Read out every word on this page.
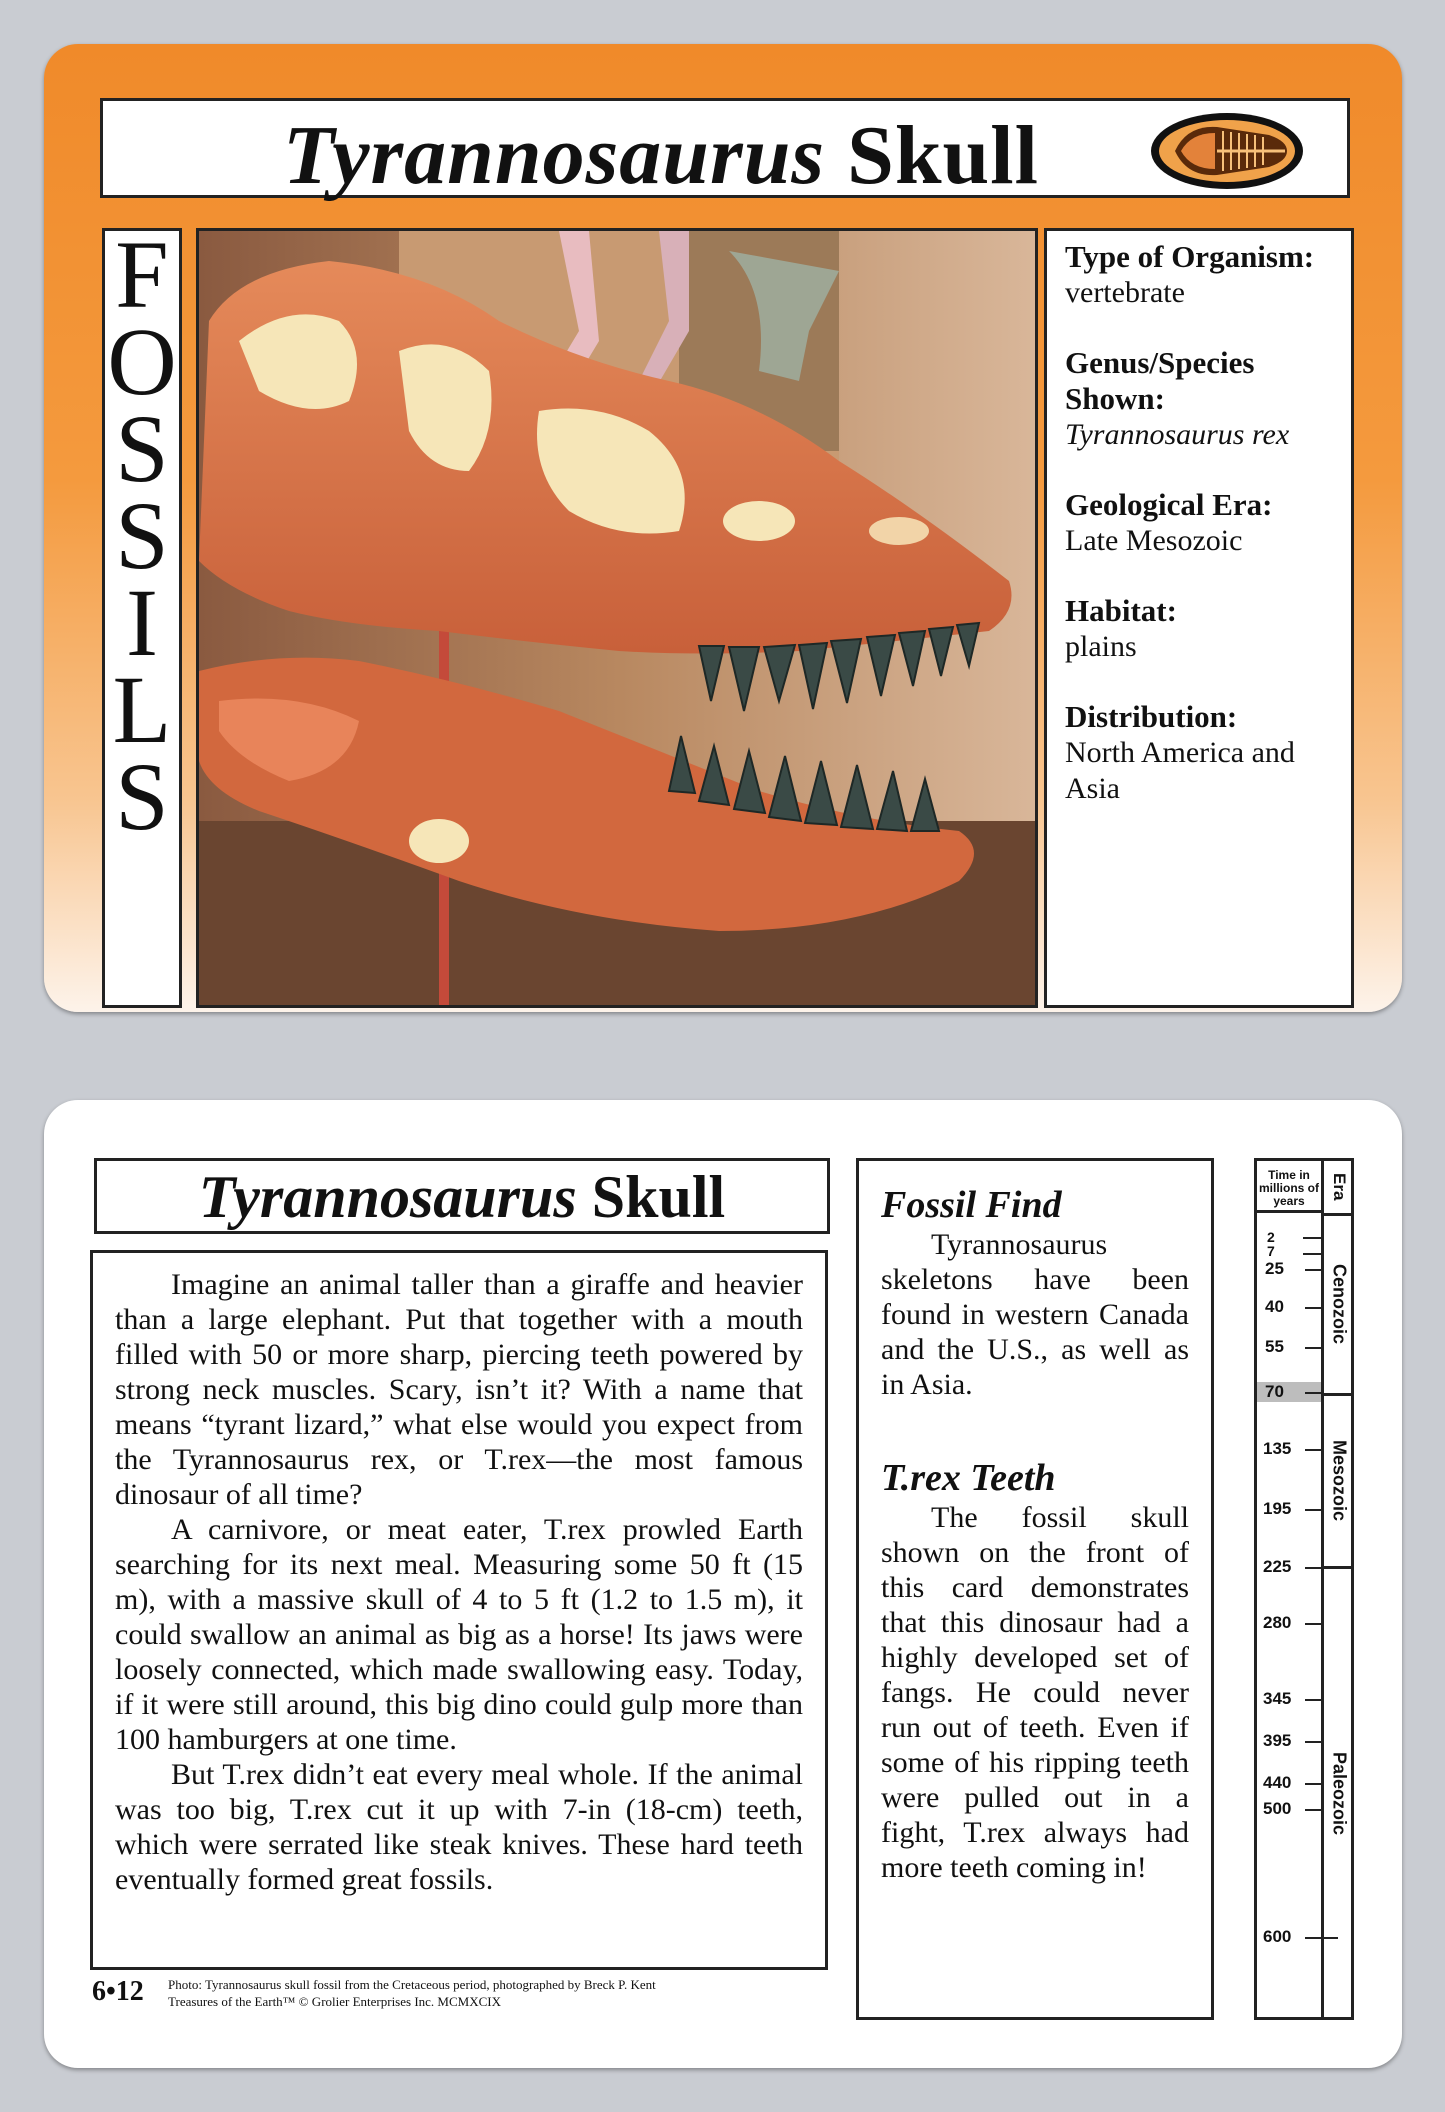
Tyrannosaurus Skull
F
O
S
S
I
L
S
Type of Organism:
vertebrate
Genus/Species Shown:
Tyrannosaurus rex
Geological Era:
Late Mesozoic
Habitat:
plains
Distribution:
North America and Asia
Tyrannosaurus Skull

Imagine an animal taller than a giraffe and heavier than a large elephant. Put that together with a mouth filled with 50 or more sharp, piercing teeth powered by strong neck muscles. Scary, isn’t it? With a name that means “tyrant lizard,” what else would you expect from the Tyrannosaurus rex, or T.rex—the most famous dinosaur of all time?

A carnivore, or meat eater, T.rex prowled Earth searching for its next meal. Measuring some 50 ft (15 m), with a massive skull of 4 to 5 ft (1.2 to 1.5 m), it could swallow an animal as big as a horse! Its jaws were loosely connected, which made swallowing easy. Today, if it were still around, this big dino could gulp more than 100 hamburgers at one time.

But T.rex didn’t eat every meal whole. If the animal was too big, T.rex cut it up with 7-in (18-cm) teeth, which were serrated like steak knives. These hard teeth eventually formed great fossils.

6•12 Photo: Tyrannosaurus skull fossil from the Cretaceous period, photographed by Breck P. Kent
Treasures of the Earth™ © Grolier Enterprises Inc. MCMXCIX
Fossil Find

Tyrannosaurus skeletons have been found in western Canada and the U.S., as well as in Asia.

T.rex Teeth

The fossil skull shown on the front of this card demonstrates that this dinosaur had a highly developed set of fangs. He could never run out of teeth. Even if some of his ripping teeth were pulled out in a fight, T.rex always had more teeth coming in!

Time in millions of years
Era
Cenozoic
Mesozoic
Paleozoic
2
7
25
40
55
70
135
195
225
280
345
395
440
500
600
